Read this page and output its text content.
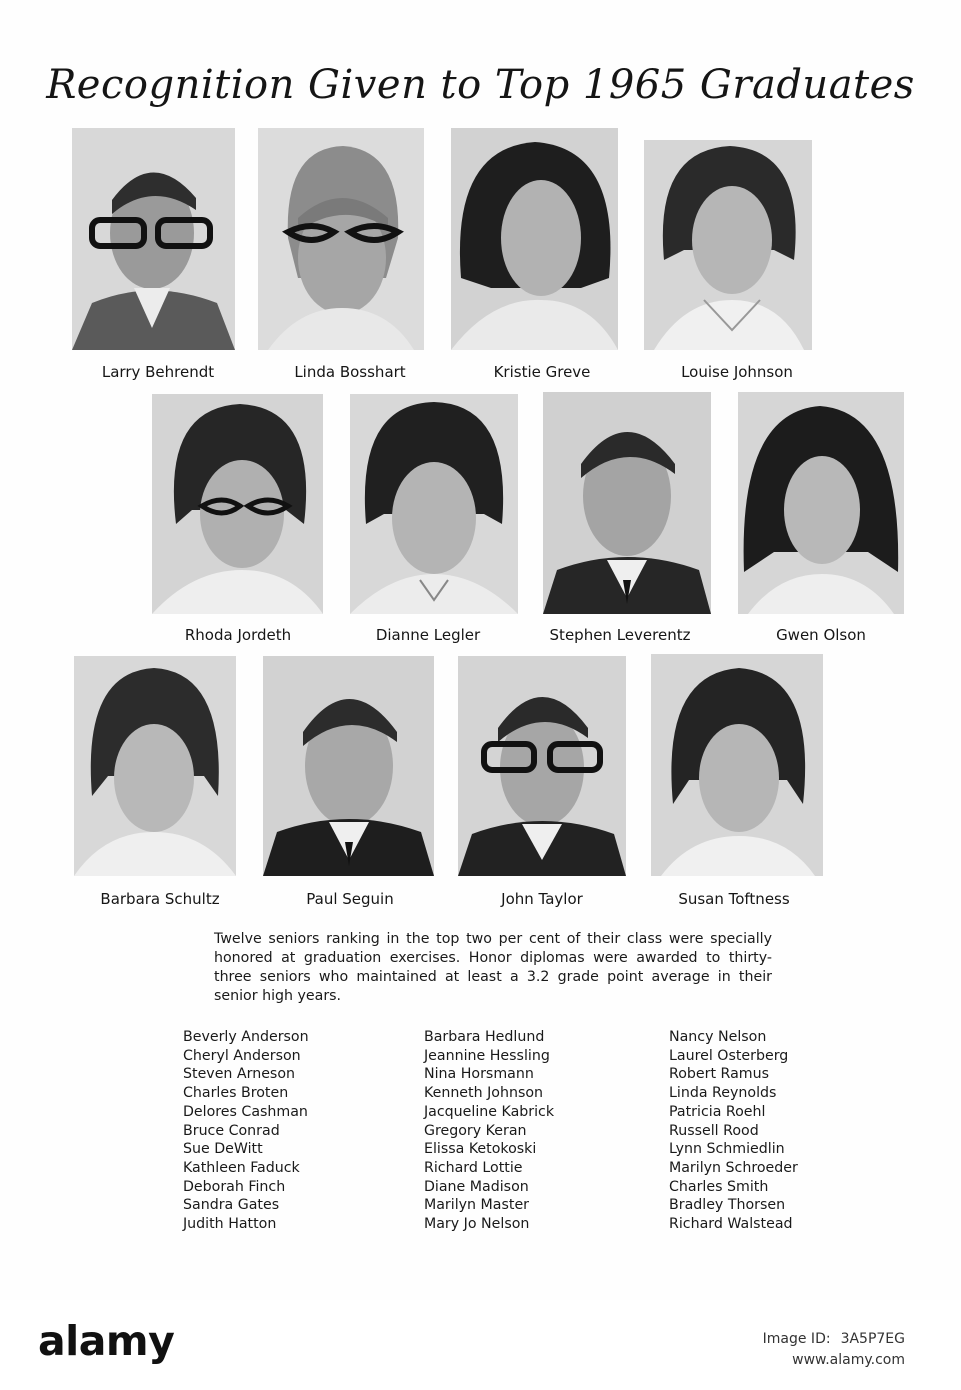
Recognition Given to Top 1965 Graduates
Larry Behrendt	Linda Bosshart	Kristie Greve	Louise Johnson
Rhoda Jordeth	Dianne Legler	Stephen Leverentz	Gwen Olson
Barbara Schultz	Paul Seguin	John Taylor	Susan Toftness

Twelve seniors ranking in the top two per cent of their class were specially honored at graduation exercises. Honor diplomas were awarded to thirty-three seniors who maintained at least a 3.2 grade point average in their senior high years.

Beverly Anderson
Cheryl Anderson
Steven Arneson
Charles Broten
Delores Cashman
Bruce Conrad
Sue DeWitt
Kathleen Faduck
Deborah Finch
Sandra Gates
Judith Hatton
Barbara Hedlund
Jeannine Hessling
Nina Horsmann
Kenneth Johnson
Jacqueline Kabrick
Gregory Keran
Elissa Ketokoski
Richard Lottie
Diane Madison
Marilyn Master
Mary Jo Nelson
Nancy Nelson
Laurel Osterberg
Robert Ramus
Linda Reynolds
Patricia Roehl
Russell Rood
Lynn Schmiedlin
Marilyn Schroeder
Charles Smith
Bradley Thorsen
Richard Walstead
alamy	Image ID: 3A5P7EG
www.alamy.com
